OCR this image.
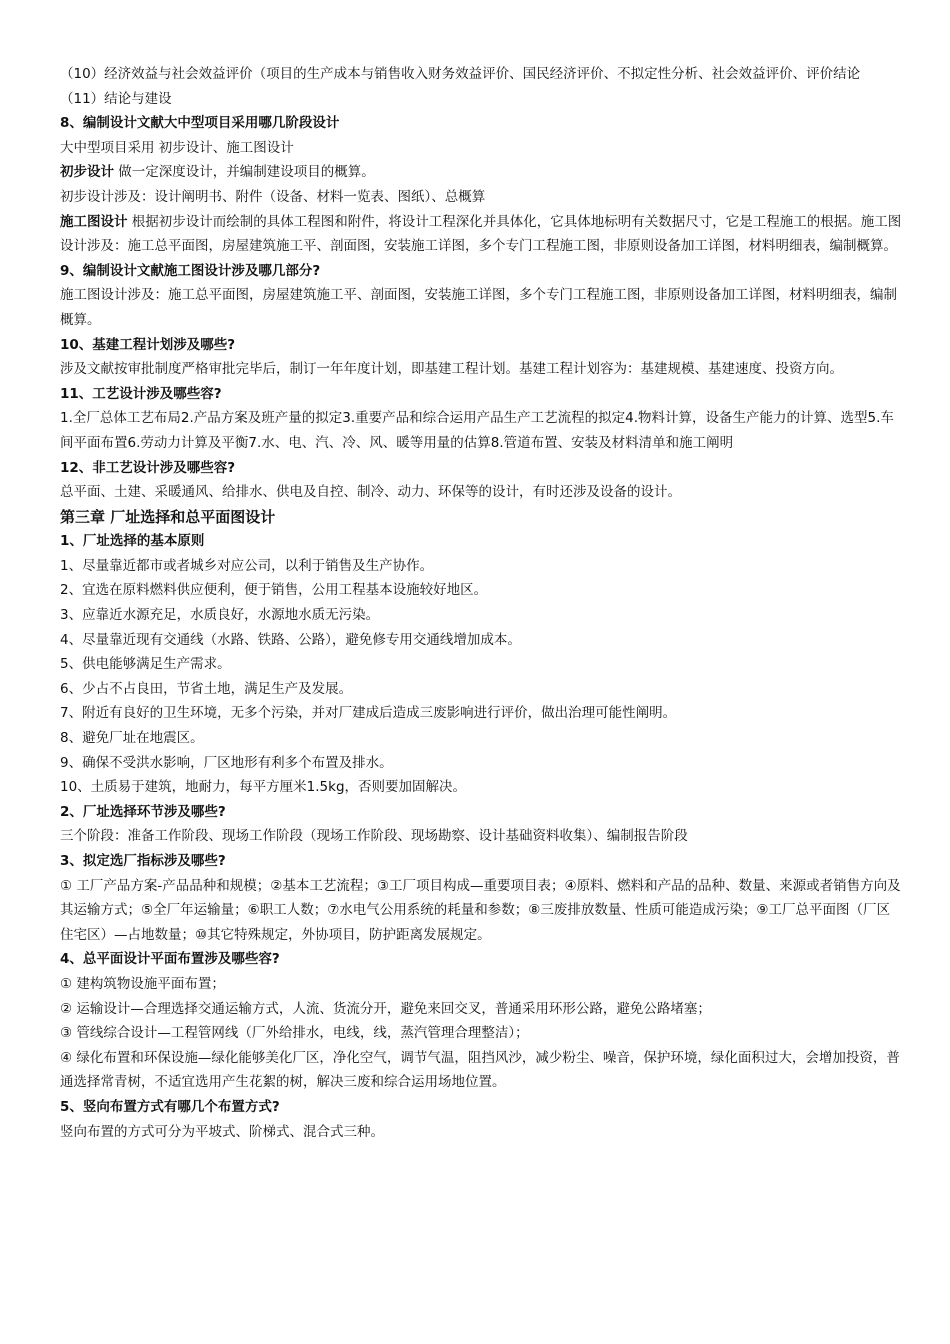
（10）经济效益与社会效益评价（项目的生产成本与销售收入财务效益评价、国民经济评价、不拟定性分析、社会效益评价、评价结论

（11）结论与建设

8、编制设计文献大中型项目采用哪几阶段设计

大中型项目采用 初步设计、施工图设计

初步设计 做一定深度设计，并编制建设项目的概算。

初步设计涉及：设计阐明书、附件（设备、材料一览表、图纸）、总概算

施工图设计 根据初步设计而绘制的具体工程图和附件，将设计工程深化并具体化，它具体地标明有关数据尺寸，它是工程施工的根据。施工图设计涉及：施工总平面图，房屋建筑施工平、剖面图，安装施工详图，多个专门工程施工图，非原则设备加工详图，材料明细表，编制概算。

9、编制设计文献施工图设计涉及哪几部分?

施工图设计涉及：施工总平面图，房屋建筑施工平、剖面图，安装施工详图，多个专门工程施工图，非原则设备加工详图，材料明细表，编制概算。

10、基建工程计划涉及哪些?

涉及文献按审批制度严格审批完毕后，制订一年年度计划，即基建工程计划。基建工程计划容为：基建规模、基建速度、投资方向。

11、工艺设计涉及哪些容?

1.全厂总体工艺布局2.产品方案及班产量的拟定3.重要产品和综合运用产品生产工艺流程的拟定4.物料计算，设备生产能力的计算、选型5.车间平面布置6.劳动力计算及平衡7.水、电、汽、冷、风、暖等用量的估算8.管道布置、安装及材料清单和施工阐明

12、非工艺设计涉及哪些容?

总平面、土建、采暖通风、给排水、供电及自控、制冷、动力、环保等的设计，有时还涉及设备的设计。

第三章 厂址选择和总平面图设计

1、厂址选择的基本原则

1、尽量靠近都市或者城乡对应公司，以利于销售及生产协作。

2、宜选在原料燃料供应便利，便于销售，公用工程基本设施较好地区。

3、应靠近水源充足，水质良好，水源地水质无污染。

4、尽量靠近现有交通线（水路、铁路、公路），避免修专用交通线增加成本。

5、供电能够满足生产需求。

6、少占不占良田，节省土地，满足生产及发展。

7、附近有良好的卫生环境，无多个污染，并对厂建成后造成三废影响进行评价，做出治理可能性阐明。

8、避免厂址在地震区。

9、确保不受洪水影响，厂区地形有利多个布置及排水。

10、土质易于建筑，地耐力，每平方厘米1.5kg，否则要加固解决。

2、厂址选择环节涉及哪些?

三个阶段：准备工作阶段、现场工作阶段（现场工作阶段、现场勘察、设计基础资料收集）、编制报告阶段

3、拟定选厂指标涉及哪些?

① 工厂产品方案-产品品种和规模；②基本工艺流程；③工厂项目构成—重要项目表；④原料、燃料和产品的品种、数量、来源或者销售方向及其运输方式；⑤全厂年运输量；⑥职工人数；⑦水电气公用系统的耗量和参数；⑧三废排放数量、性质可能造成污染；⑨工厂总平面图（厂区住宅区）—占地数量；⑩其它特殊规定，外协项目，防护距离发展规定。

4、总平面设计平面布置涉及哪些容?

① 建构筑物设施平面布置；

② 运输设计—合理选择交通运输方式，人流、货流分开，避免来回交叉，普通采用环形公路，避免公路堵塞；

③ 管线综合设计—工程管网线（厂外给排水，电线，线，蒸汽管理合理整洁）；

④ 绿化布置和环保设施—绿化能够美化厂区，净化空气，调节气温，阻挡风沙，减少粉尘、噪音，保护环境，绿化面积过大，会增加投资，普通选择常青树，不适宜选用产生花絮的树，解决三废和综合运用场地位置。

5、竖向布置方式有哪几个布置方式?

竖向布置的方式可分为平坡式、阶梯式、混合式三种。
